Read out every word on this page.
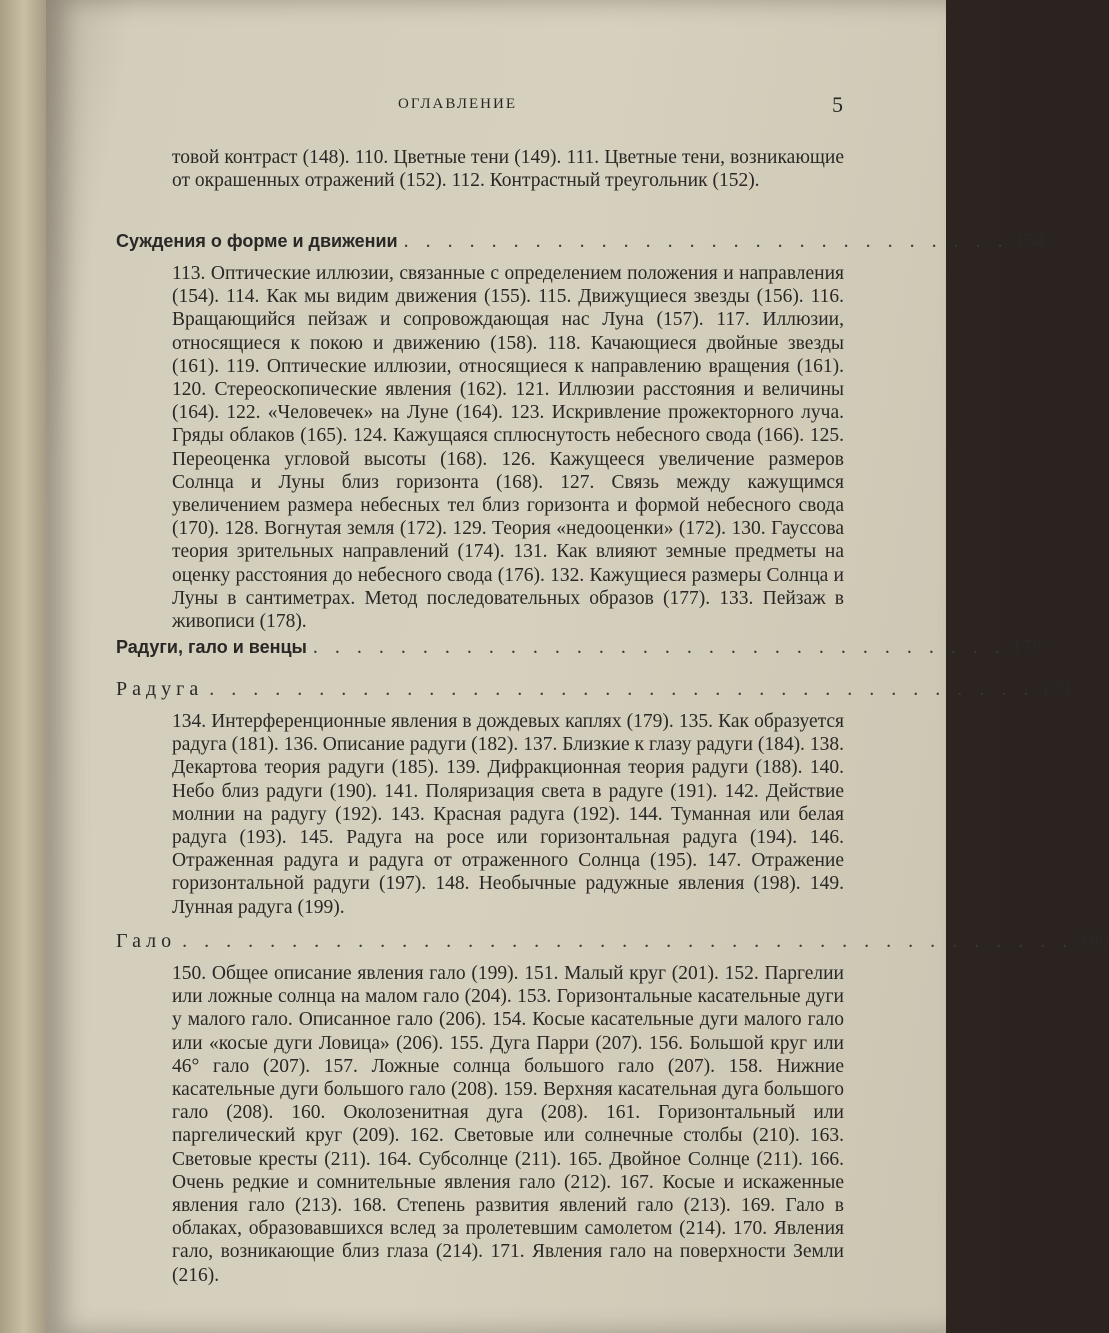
ОГЛАВЛЕНИЕ	5
товой контраст (148). 110. Цветные тени (149). 111. Цветные тени, возникающие от окрашенных отражений (152). 112. Контрастный треугольник (152).
Суждения о форме и движении . . . . . . . . . . . . . . . . . . . . . . . . . . . . 154
113. Оптические иллюзии, связанные с определением положения и направления (154). 114. Как мы видим движения (155). 115. Движущиеся звезды (156). 116. Вращающийся пейзаж и сопровождающая нас Луна (157). 117. Иллюзии, относящиеся к покою и движению (158). 118. Качающиеся двойные звезды (161). 119. Оптические иллюзии, относящиеся к направлению вращения (161). 120. Стереоскопические явления (162). 121. Иллюзии расстояния и величины (164). 122. «Человечек» на Луне (164). 123. Искривление прожекторного луча. Гряды облаков (165). 124. Кажущаяся сплюснутость небесного свода (166). 125. Переоценка угловой высоты (168). 126. Кажущееся увеличение размеров Солнца и Луны близ горизонта (168). 127. Связь между кажущимся увеличением размера небесных тел близ горизонта и формой небесного свода (170). 128. Вогнутая земля (172). 129. Теория «недооценки» (172). 130. Гауссова теория зрительных направлений (174). 131. Как влияют земные предметы на оценку расстояния до небесного свода (176). 132. Кажущиеся размеры Солнца и Луны в сантиметрах. Метод последовательных образов (177). 133. Пейзаж в живописи (178).
Радуги, гало и венцы . . . . . . . . . . . . . . . . . . . . . . . . . . . . . . . . 179
Радуга . . . . . . . . . . . . . . . . . . . . . . . . . . . . . . . . . . . . . . 179
134. Интерференционные явления в дождевых каплях (179). 135. Как образуется радуга (181). 136. Описание радуги (182). 137. Близкие к глазу радуги (184). 138. Декартова теория радуги (185). 139. Дифракционная теория радуги (188). 140. Небо близ радуги (190). 141. Поляризация света в радуге (191). 142. Действие молнии на радугу (192). 143. Красная радуга (192). 144. Туманная или белая радуга (193). 145. Радуга на росе или горизонтальная радуга (194). 146. Отраженная радуга и радуга от отраженного Солнца (195). 147. Отражение горизонтальной радуги (197). 148. Необычные радужные явления (198). 149. Лунная радуга (199).
Гало . . . . . . . . . . . . . . . . . . . . . . . . . . . . . . . . . . . . . . . . . 199
150. Общее описание явления гало (199). 151. Малый круг (201). 152. Паргелии или ложные солнца на малом гало (204). 153. Горизонтальные касательные дуги у малого гало. Описанное гало (206). 154. Косые касательные дуги малого гало или «косые дуги Ловица» (206). 155. Дуга Парри (207). 156. Большой круг или 46° гало (207). 157. Ложные солнца большого гало (207). 158. Нижние касательные дуги большого гало (208). 159. Верхняя касательная дуга большого гало (208). 160. Околозенитная дуга (208). 161. Горизонтальный или паргелический круг (209). 162. Световые или солнечные столбы (210). 163. Световые кресты (211). 164. Субсолнце (211). 165. Двойное Солнце (211). 166. Очень редкие и сомнительные явления гало (212). 167. Косые и искаженные явления гало (213). 168. Степень развития явлений гало (213). 169. Гало в облаках, образовавшихся вслед за пролетевшим самолетом (214). 170. Явления гало, возникающие близ глаза (214). 171. Явления гало на поверхности Земли (216).
